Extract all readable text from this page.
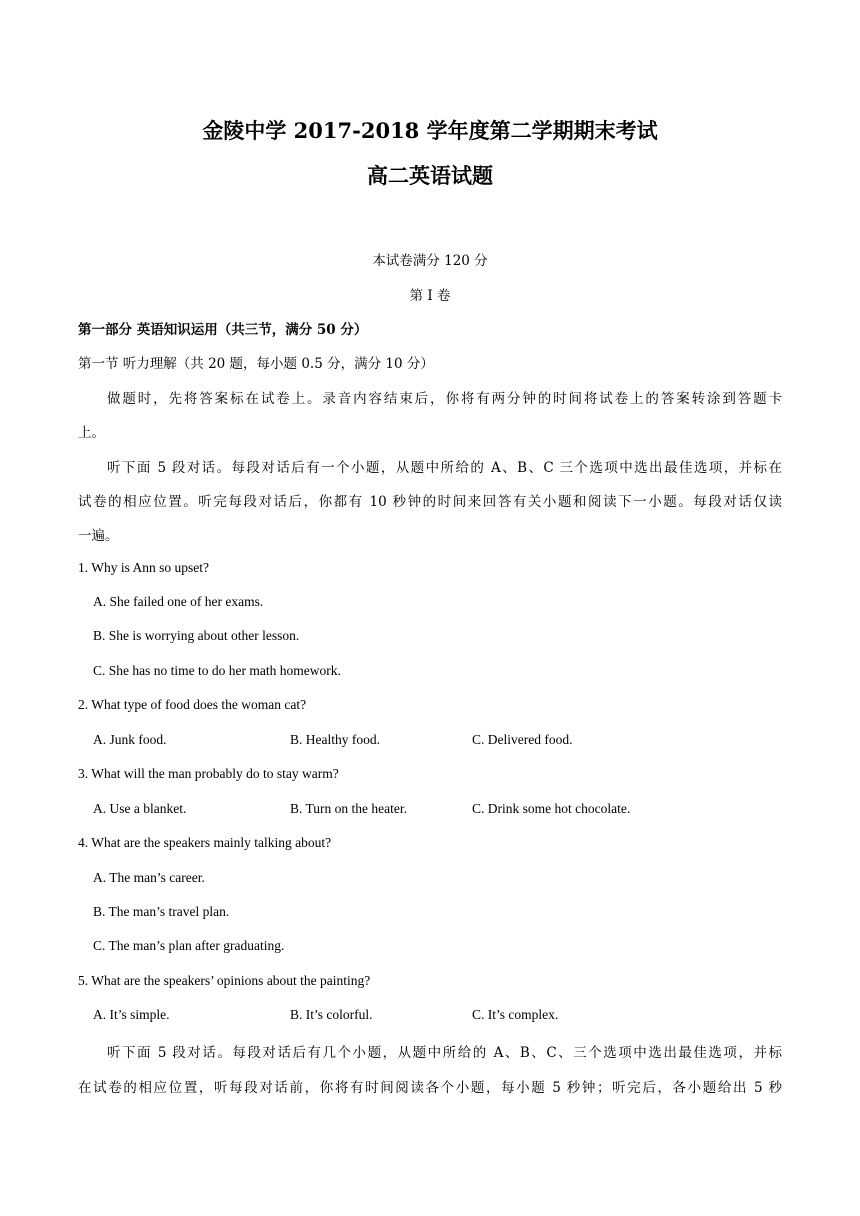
金陵中学 2017-2018 学年度第二学期期末考试
高二英语试题
本试卷满分 120 分
第 I 卷
第一部分 英语知识运用（共三节，满分 50 分）
第一节 听力理解（共 20 题，每小题 0.5 分，满分 10 分）
做题时，先将答案标在试卷上。录音内容结束后，你将有两分钟的时间将试卷上的答案转涂到答题卡
上。
听下面 5 段对话。每段对话后有一个小题，从题中所给的 A、B、C 三个选项中选出最佳选项，并标在
试卷的相应位置。听完每段对话后，你都有 10 秒钟的时间来回答有关小题和阅读下一小题。每段对话仅读
一遍。
1. Why is Ann so upset?
A. She failed one of her exams.
B. She is worrying about other lesson.
C. She has no time to do her math homework.
2. What type of food does the woman cat?
A. Junk food.	B. Healthy food.	C. Delivered food.
3. What will the man probably do to stay warm?
A. Use a blanket.	B. Turn on the heater.	C. Drink some hot chocolate.
4. What are the speakers mainly talking about?
A. The man’s career.
B. The man’s travel plan.
C. The man’s plan after graduating.
5. What are the speakers’ opinions about the painting?
A. It’s simple.	B. It’s colorful.	C. It’s complex.
听下面 5 段对话。每段对话后有几个小题，从题中所给的 A、B、C、三个选项中选出最佳选项，并标
在试卷的相应位置，听每段对话前，你将有时间阅读各个小题，每小题 5 秒钟；听完后，各小题给出 5 秒
